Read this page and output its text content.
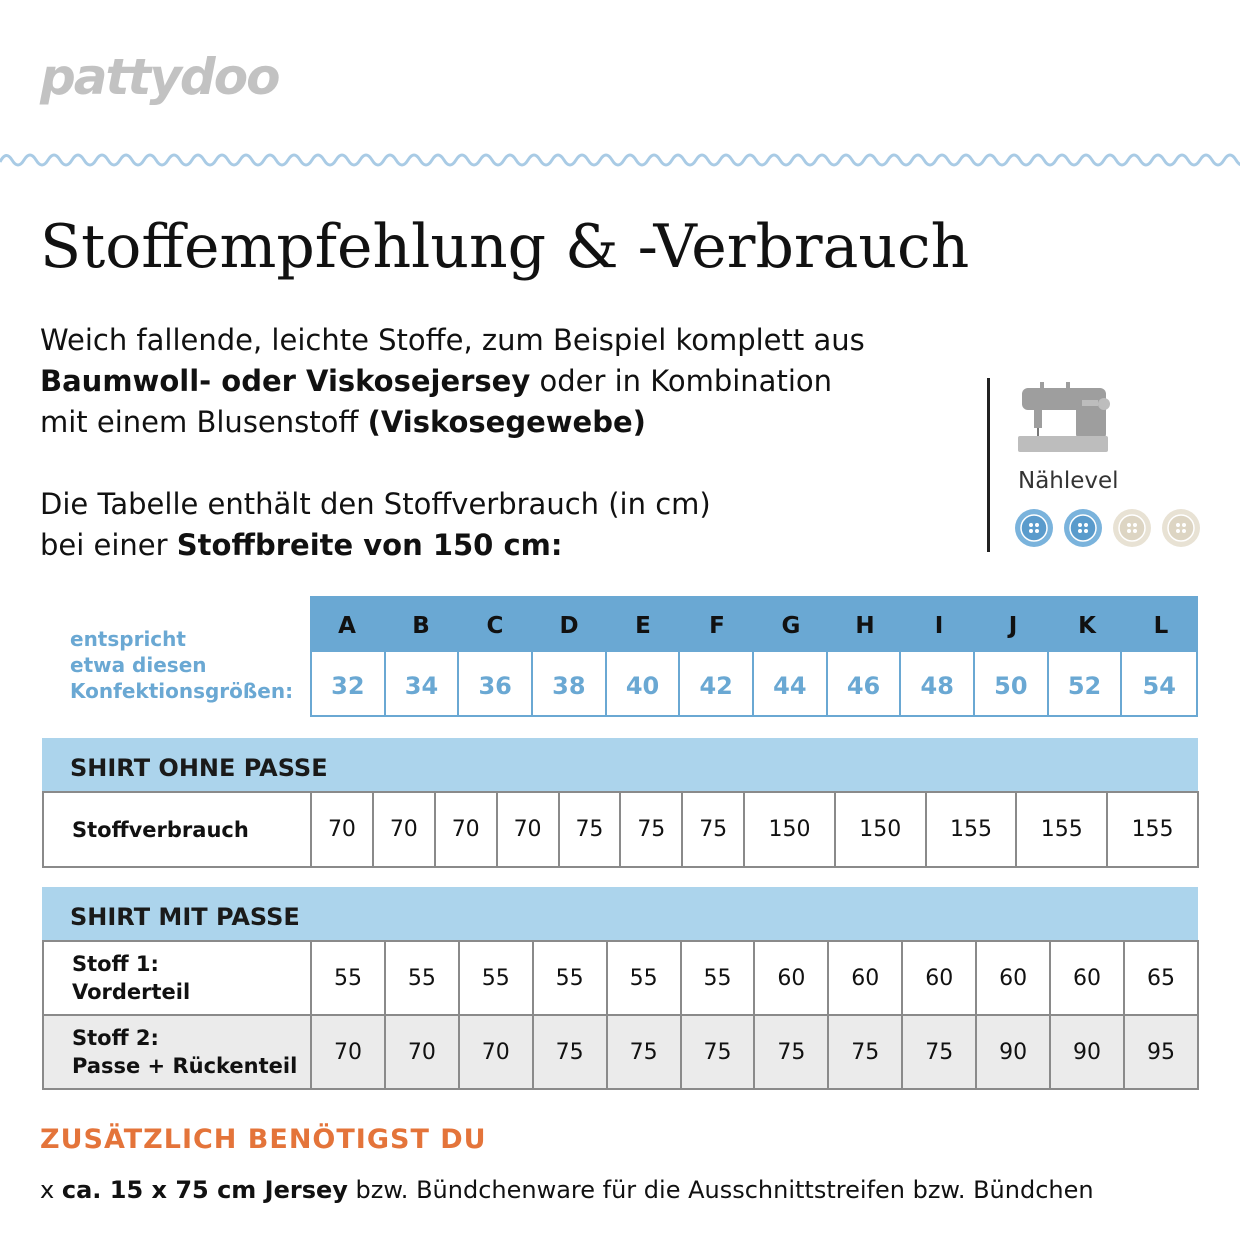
pattydoo
Stoffempfehlung & -Verbrauch

Weich fallende, leichte Stoffe, zum Beispiel komplett aus

Baumwoll- oder Viskosejersey oder in Kombination

mit einem Blusenstoff (Viskosegewebe)

Die Tabelle enthält den Stoffverbrauch (in cm)

bei einer Stoffbreite von 150 cm:

Nählevel
entspricht
etwa diesen
Konfektionsgrößen:
A	B	C	D	E	F	G	H	I	J	K	L
32	34	36	38	40	42	44	46	48	50	52	54
SHIRT OHNE PASSE
Stoffverbrauch	70	70	70	70	75	75	75	150	150	155	155	155
SHIRT MIT PASSE
Stoff 1:
Vorderteil	55	55	55	55	55	55	60	60	60	60	60	65

Stoff 2:
Passe + Rückenteil	70	70	70	75	75	75	75	75	75	90	90	95
ZUSÄTZLICH BENÖTIGST DU
x ca. 15 x 75 cm Jersey bzw. Bündchenware für die Ausschnittstreifen bzw. Bündchen
